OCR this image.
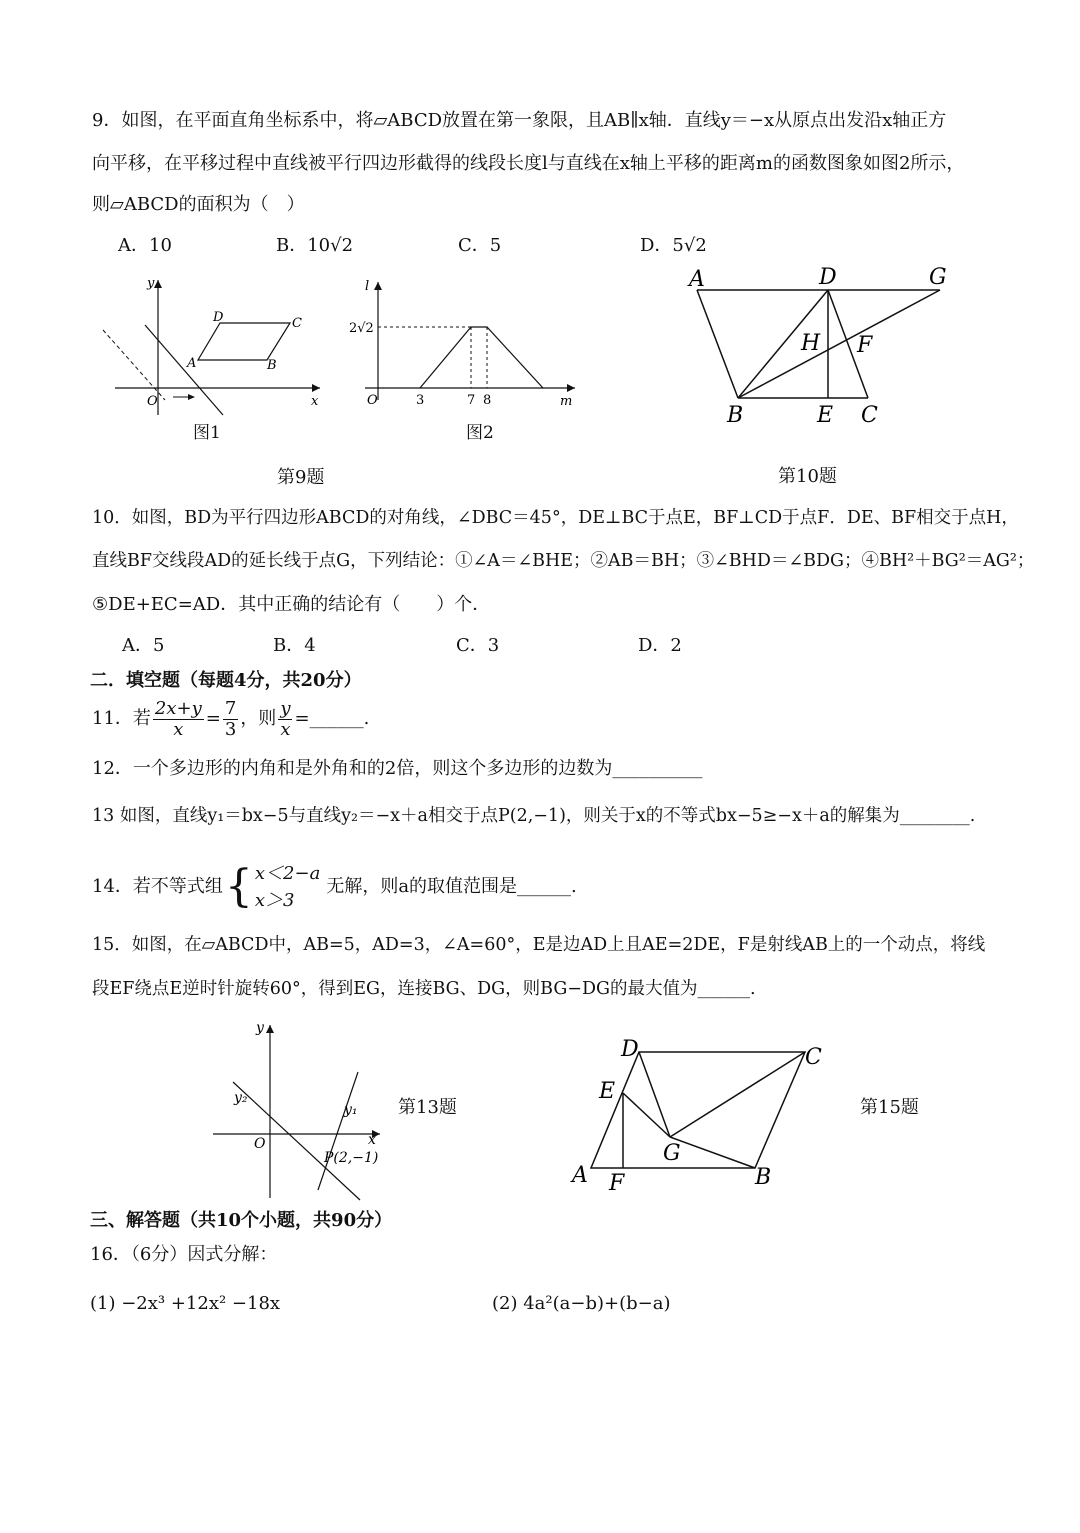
9．如图，在平面直角坐标系中，将▱ABCD放置在第一象限，且AB∥x轴．直线y＝−x从原点出发沿x轴正方
向平移，在平移过程中直线被平行四边形截得的线段长度l与直线在x轴上平移的距离m的函数图象如图2所示，
则▱ABCD的面积为（　）
A．10	B．10√2	C．5	D．5√2
y
x
O
A	B
C
D
图1
l
m
O
2√2
3	7 8
图2
第9题
A	D	G
H F
B	E C
第10题
10．如图，BD为平行四边形ABCD的对角线，∠DBC＝45°，DE⊥BC于点E，BF⊥CD于点F．DE、BF相交于点H，
直线BF交线段AD的延长线于点G，下列结论：①∠A＝∠BHE；②AB＝BH；③∠BHD＝∠BDG；④BH²＋BG²＝AG²；
⑤DE+EC=AD．其中正确的结论有（　　）个．
A．5	B．4	C．3	D．2
二．填空题（每题4分，共20分）
11．若 $\frac{2x+y}{x} = \frac{7}{3}$ ，则 $\frac{y}{x}$ =______.
12．一个多边形的内角和是外角和的2倍，则这个多边形的边数为__________
13 如图，直线y₁＝bx−5与直线y₂＝−x＋a相交于点P(2,−1)，则关于x的不等式bx−5≥−x＋a的解集为________.
14．若不等式组 { x＜2−a
x＞3
无解，则a的取值范围是______.
15．如图，在▱ABCD中，AB=5，AD=3，∠A=60°，E是边AD上且AE=2DE，F是射线AB上的一个动点，将线
段EF绕点E逆时针旋转60°，得到EG，连接BG、DG，则BG−DG的最大值为______.
y
x
O
y₁
y₂
P(2,−1)
第13题
D	C
E
G
A F	B
第15题
三、解答题（共10个小题，共90分）
16．（6分）因式分解：
(1) −2x³ +12x² −18x	(2) 4a²(a−b)+(b−a)
